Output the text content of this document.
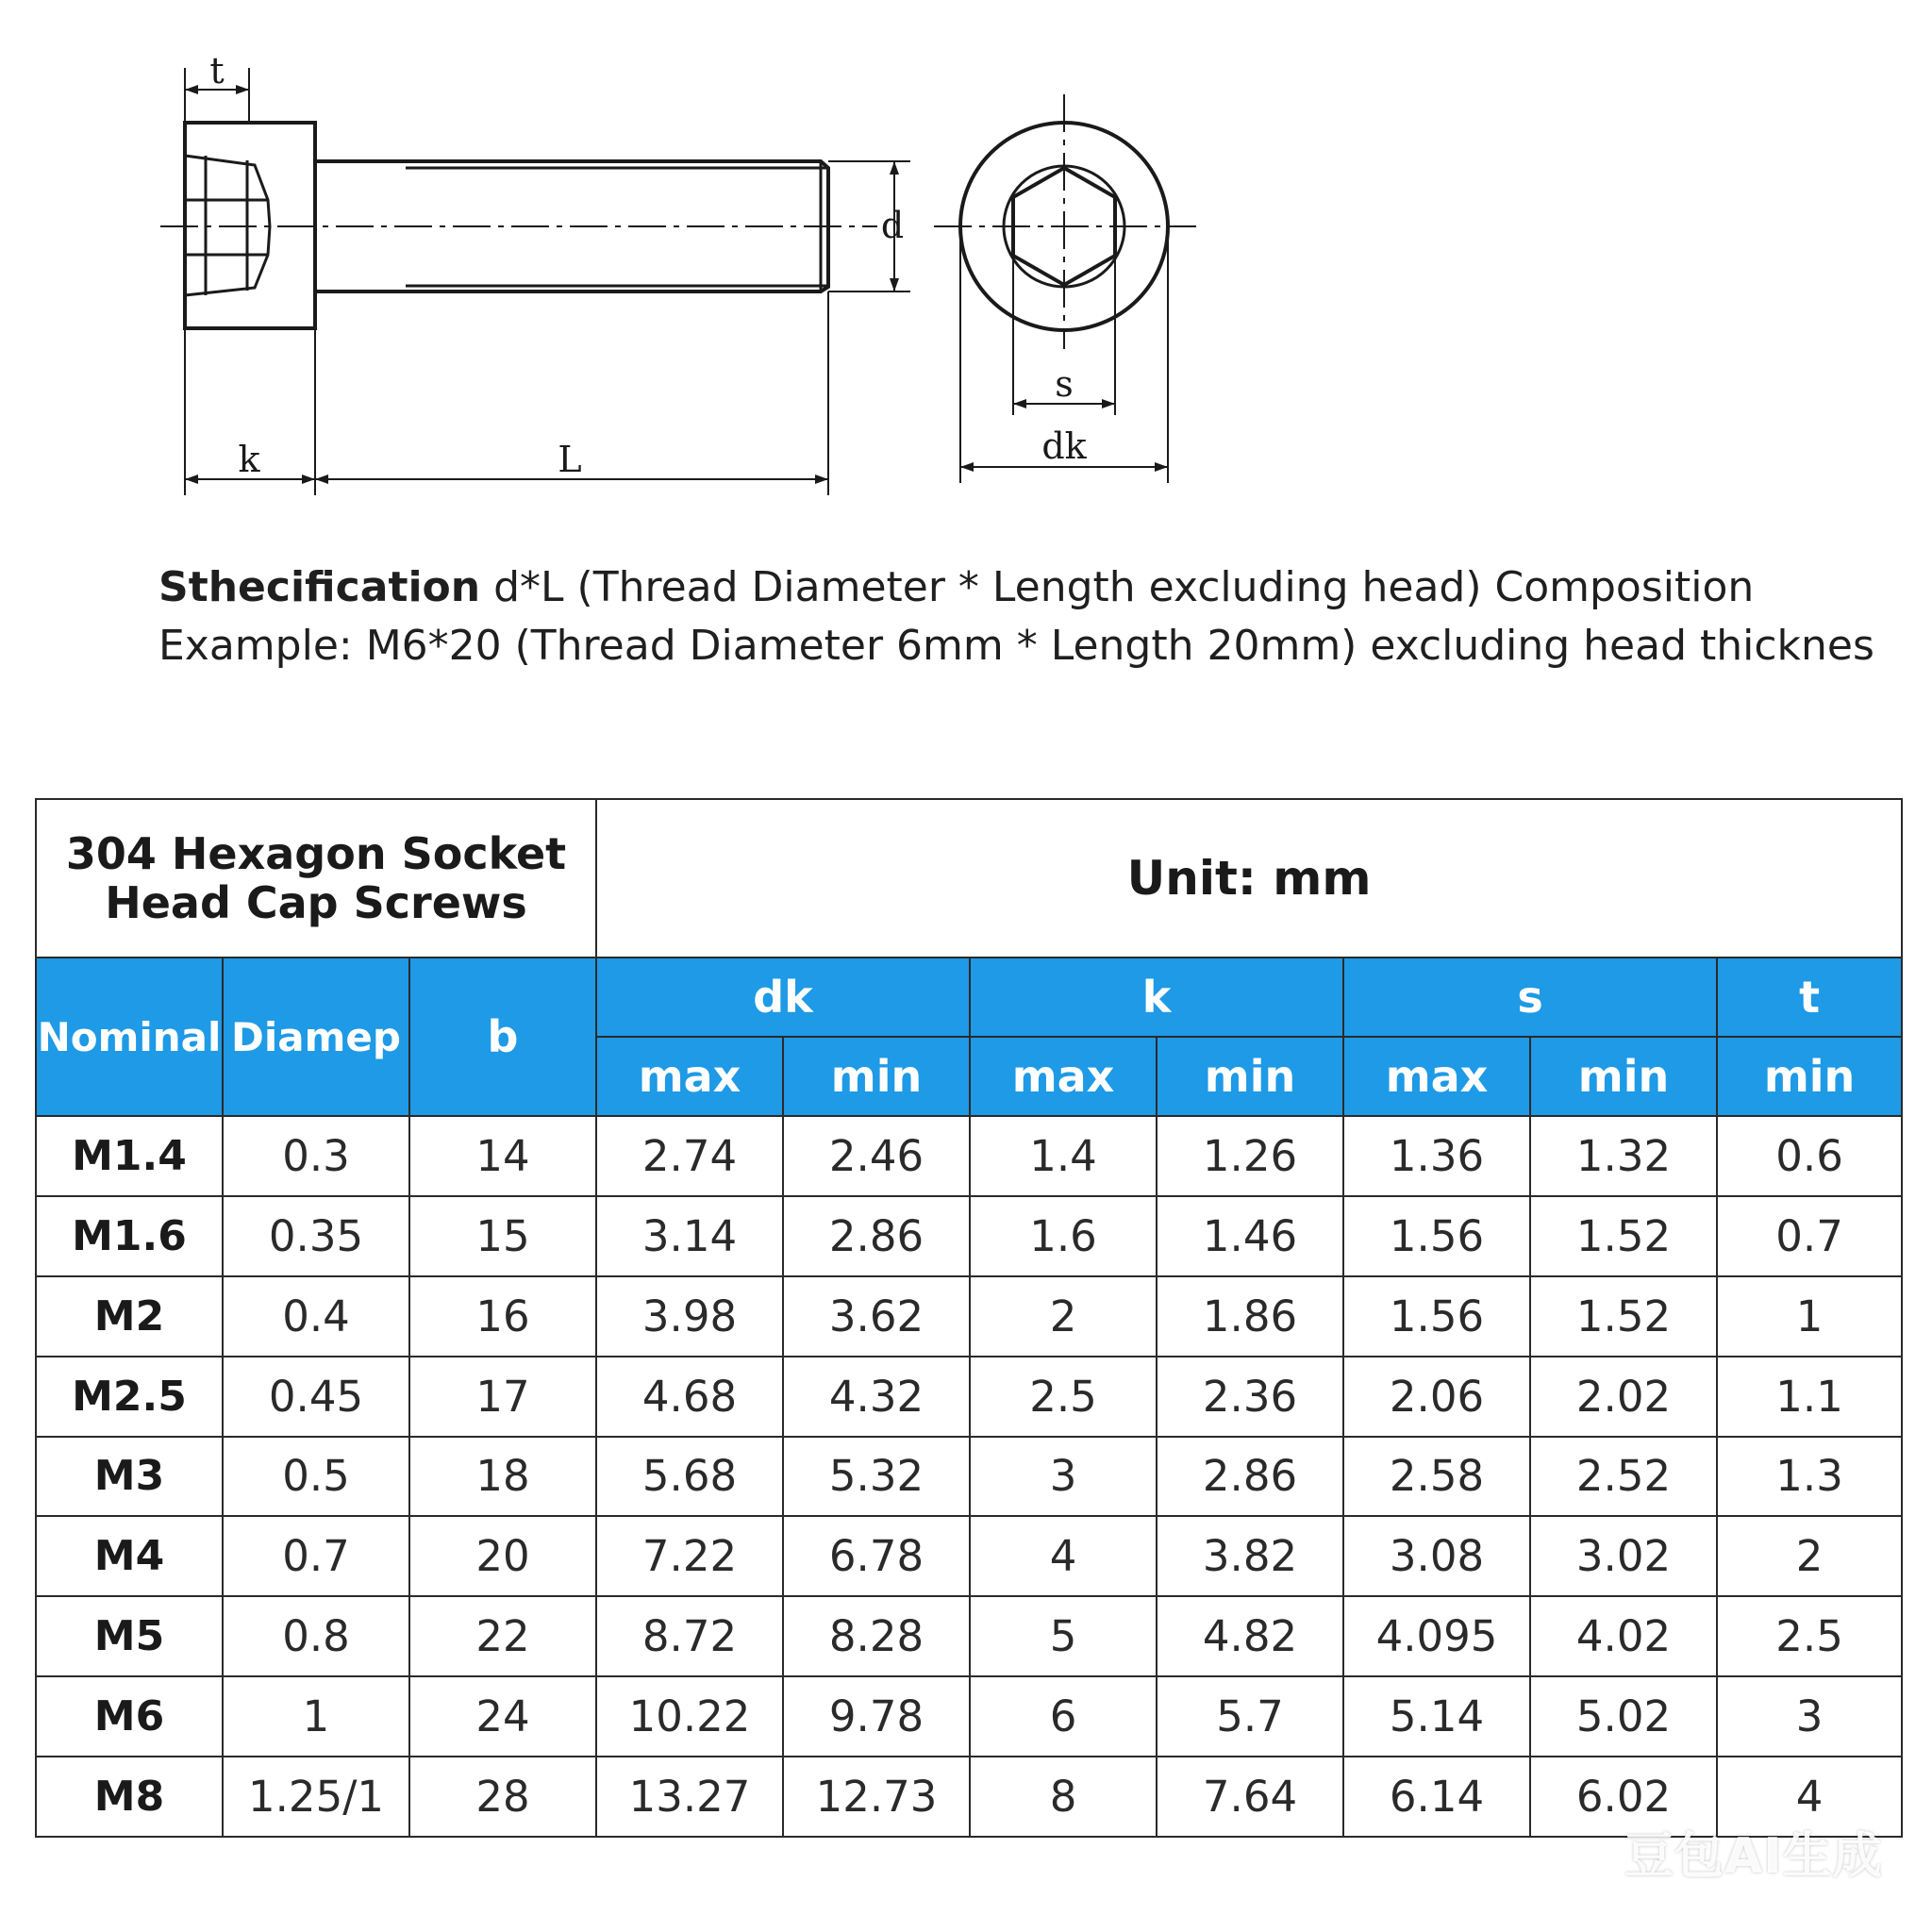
t
d
k	L
s
dk
Sthecification d*L (Thread Diameter * Length excluding head) Composition
Example: M6*20 (Thread Diameter 6mm * Length 20mm) excluding head thicknes
304 Hexagon Socket
Head Cap Screws			Unit: mm						
Nominal	Diamep	b	dk		k		s		t
			max	min	max	min	max	min	min
M1.4	0.3	14	2.74	2.46	1.4	1.26	1.36	1.32	0.6
M1.6	0.35	15	3.14	2.86	1.6	1.46	1.56	1.52	0.7
M2	0.4	16	3.98	3.62	2	1.86	1.56	1.52	1
M2.5	0.45	17	4.68	4.32	2.5	2.36	2.06	2.02	1.1
M3	0.5	18	5.68	5.32	3	2.86	2.58	2.52	1.3
M4	0.7	20	7.22	6.78	4	3.82	3.08	3.02	2
M5	0.8	22	8.72	8.28	5	4.82	4.095	4.02	2.5
M6	1	24	10.22	9.78	6	5.7	5.14	5.02	3
M8	1.25/1	28	13.27	12.73	8	7.64	6.14	6.02	4
豆包AI生成
